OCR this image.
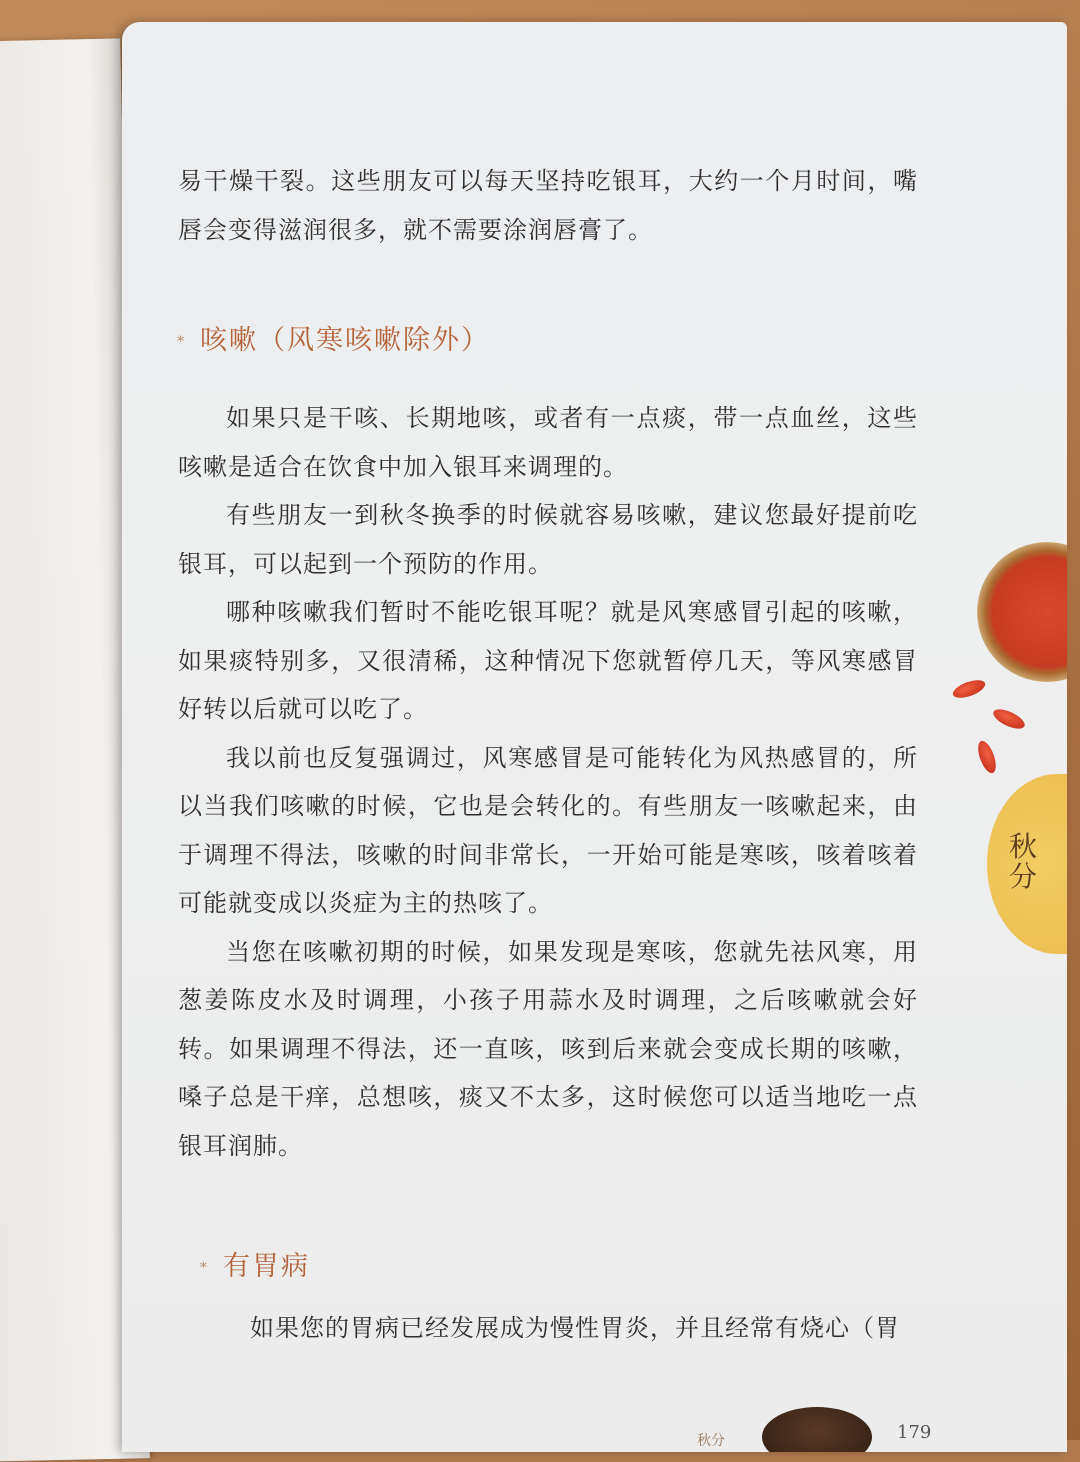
易干燥干裂。这些朋友可以每天坚持吃银耳，大约一个月时间，嘴唇会变得滋润很多，就不需要涂润唇膏了。

* 咳嗽（风寒咳嗽除外）

如果只是干咳、长期地咳，或者有一点痰，带一点血丝，这些咳嗽是适合在饮食中加入银耳来调理的。

有些朋友一到秋冬换季的时候就容易咳嗽，建议您最好提前吃银耳，可以起到一个预防的作用。

哪种咳嗽我们暂时不能吃银耳呢？就是风寒感冒引起的咳嗽，如果痰特别多，又很清稀，这种情况下您就暂停几天，等风寒感冒好转以后就可以吃了。

我以前也反复强调过，风寒感冒是可能转化为风热感冒的，所以当我们咳嗽的时候，它也是会转化的。有些朋友一咳嗽起来，由于调理不得法，咳嗽的时间非常长，一开始可能是寒咳，咳着咳着可能就变成以炎症为主的热咳了。

当您在咳嗽初期的时候，如果发现是寒咳，您就先祛风寒，用葱姜陈皮水及时调理，小孩子用蒜水及时调理，之后咳嗽就会好转。如果调理不得法，还一直咳，咳到后来就会变成长期的咳嗽，嗓子总是干痒，总想咳，痰又不太多，这时候您可以适当地吃一点银耳润肺。

* 有胃病

如果您的胃病已经发展成为慢性胃炎，并且经常有烧心（胃

秋
分
秋分	179
